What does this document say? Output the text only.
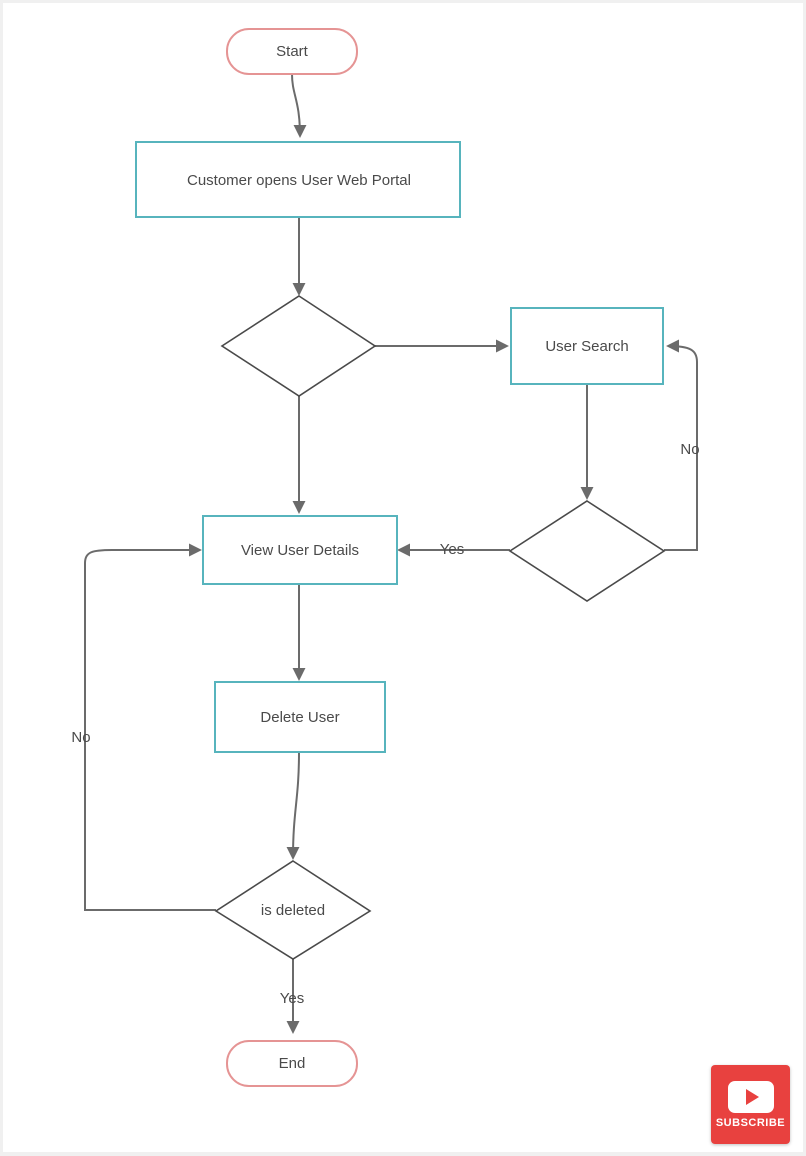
Start
Customer opens User Web Portal
User Search
View User Details
Delete User
is deleted
End
No
Yes
No
Yes
SUBSCRIBE
